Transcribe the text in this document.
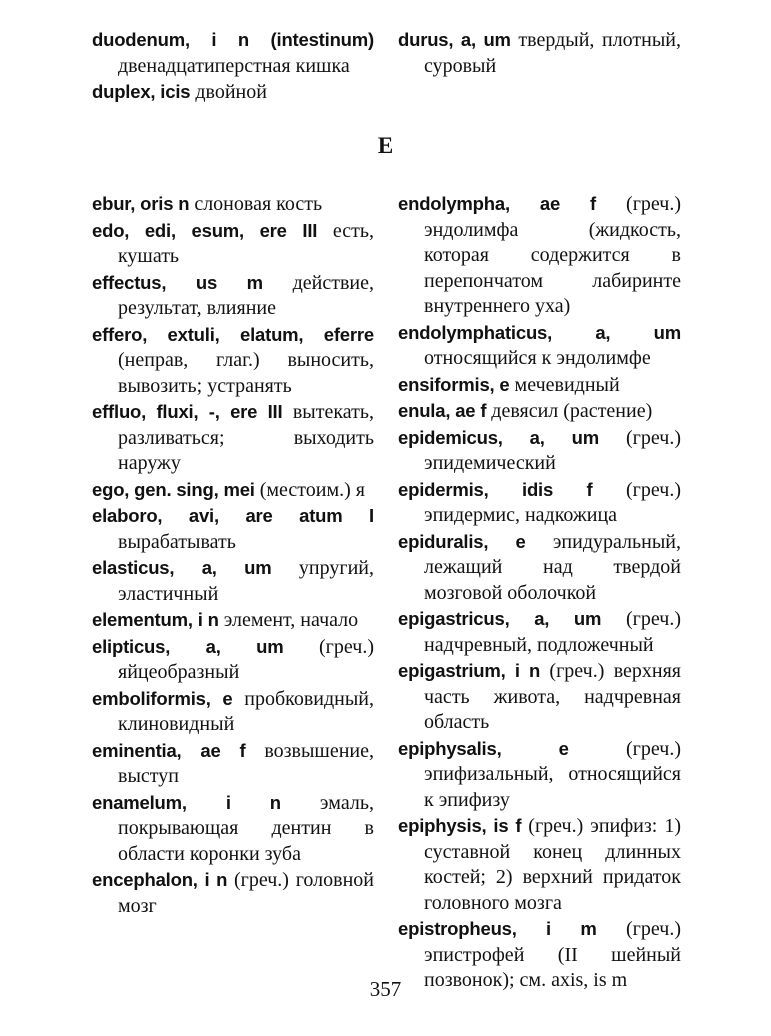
duodenum, i n (intestinum) двенадцатиперстная кишка

duplex, icis двойной

durus, a, um твердый, плотный, суровый

E

ebur, oris n слоновая кость

edo, edi, esum, ere III есть, кушать

effectus, us m действие, результат, влияние

effero, extuli, elatum, eferre (неправ, глаг.) выносить, вывозить; устранять

effluo, fluxi, -, ere III вытекать, разливаться; выходить наружу

ego, gen. sing, mei (местоим.) я

elaboro, avi, are atum I вырабатывать

elasticus, a, um упругий, эластичный

elementum, i n элемент, начало

elipticus, a, um (греч.) яйцеобразный

emboliformis, e пробковидный, клиновидный

eminentia, ae f возвышение, выступ

enamelum, i n эмаль, покрывающая дентин в области коронки зуба

encephalon, i n (греч.) головной мозг

endolympha, ae f (греч.) эндолимфа (жидкость, которая содержится в перепончатом лабиринте внутреннего уха)

endolymphaticus, a, um относящийся к эндолимфе

ensiformis, e мечевидный

enula, ae f девясил (растение)

epidemicus, a, um (греч.) эпидемический

epidermis, idis f (греч.) эпидермис, надкожица

epiduralis, e эпидуральный, лежащий над твердой мозговой оболочкой

epigastricus, a, um (греч.) надчревный, подложечный

epigastrium, i n (греч.) верхняя часть живота, надчревная область

epiphysalis, e (греч.) эпифизальный, относящийся к эпифизу

epiphysis, is f (греч.) эпифиз: 1) суставной конец длинных костей; 2) верхний придаток головного мозга

epistropheus, i m (греч.) эпистрофей (II шейный позвонок); см. axis, is m

357
